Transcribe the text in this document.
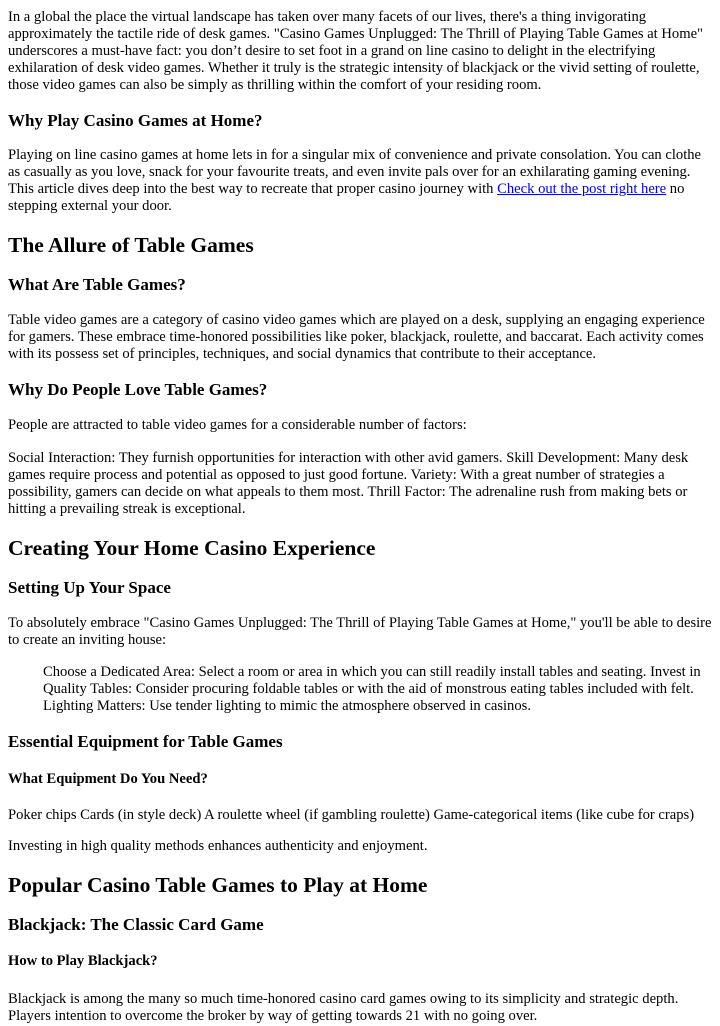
In a global the place the virtual landscape has taken over many facets of our lives, there's a thing invigorating approximately the tactile ride of desk games. "Casino Games Unplugged: The Thrill of Playing Table Games at Home" underscores a must-have fact: you don’t desire to set foot in a grand on line casino to delight in the electrifying exhilaration of desk video games. Whether it truly is the strategic intensity of blackjack or the vivid setting of roulette, those video games can also be simply as thrilling within the comfort of your residing room.

Why Play Casino Games at Home?

Playing on line casino games at home lets in for a singular mix of convenience and private consolation. You can clothe as casually as you love, snack for your favourite treats, and even invite pals over for an exhilarating gaming evening. This article dives deep into the best way to recreate that proper casino journey with Check out the post right here no stepping external your door.

The Allure of Table Games
What Are Table Games?

Table video games are a category of casino video games which are played on a desk, supplying an engaging experience for gamers. These embrace time-honored possibilities like poker, blackjack, roulette, and baccarat. Each activity comes with its possess set of principles, techniques, and social dynamics that contribute to their acceptance.

Why Do People Love Table Games?

People are attracted to table video games for a considerable number of factors:

Social Interaction: They furnish opportunities for interaction with other avid gamers. Skill Development: Many desk games require process and potential as opposed to just good fortune. Variety: With a great number of strategies a possibility, gamers can decide on what appeals to them most. Thrill Factor: The adrenaline rush from making bets or hitting a prevailing streak is exceptional.

Creating Your Home Casino Experience
Setting Up Your Space

To absolutely embrace "Casino Games Unplugged: The Thrill of Playing Table Games at Home," you'll be able to desire to create an inviting house:

Choose a Dedicated Area: Select a room or area in which you can still readily install tables and seating. Invest in Quality Tables: Consider procuring foldable tables or with the aid of monstrous eating tables included with felt. Lighting Matters: Use tender lighting to mimic the atmosphere observed in casinos.

Essential Equipment for Table Games
What Equipment Do You Need?

Poker chips Cards (in style deck) A roulette wheel (if gambling roulette) Game-categorical items (like cube for craps)

Investing in high quality methods enhances authenticity and enjoyment.

Popular Casino Table Games to Play at Home
Blackjack: The Classic Card Game
How to Play Blackjack?

Blackjack is among the many so much time-honored casino card games owing to its simplicity and strategic depth. Players intention to overcome the broker by way of getting towards 21 with no going over.
